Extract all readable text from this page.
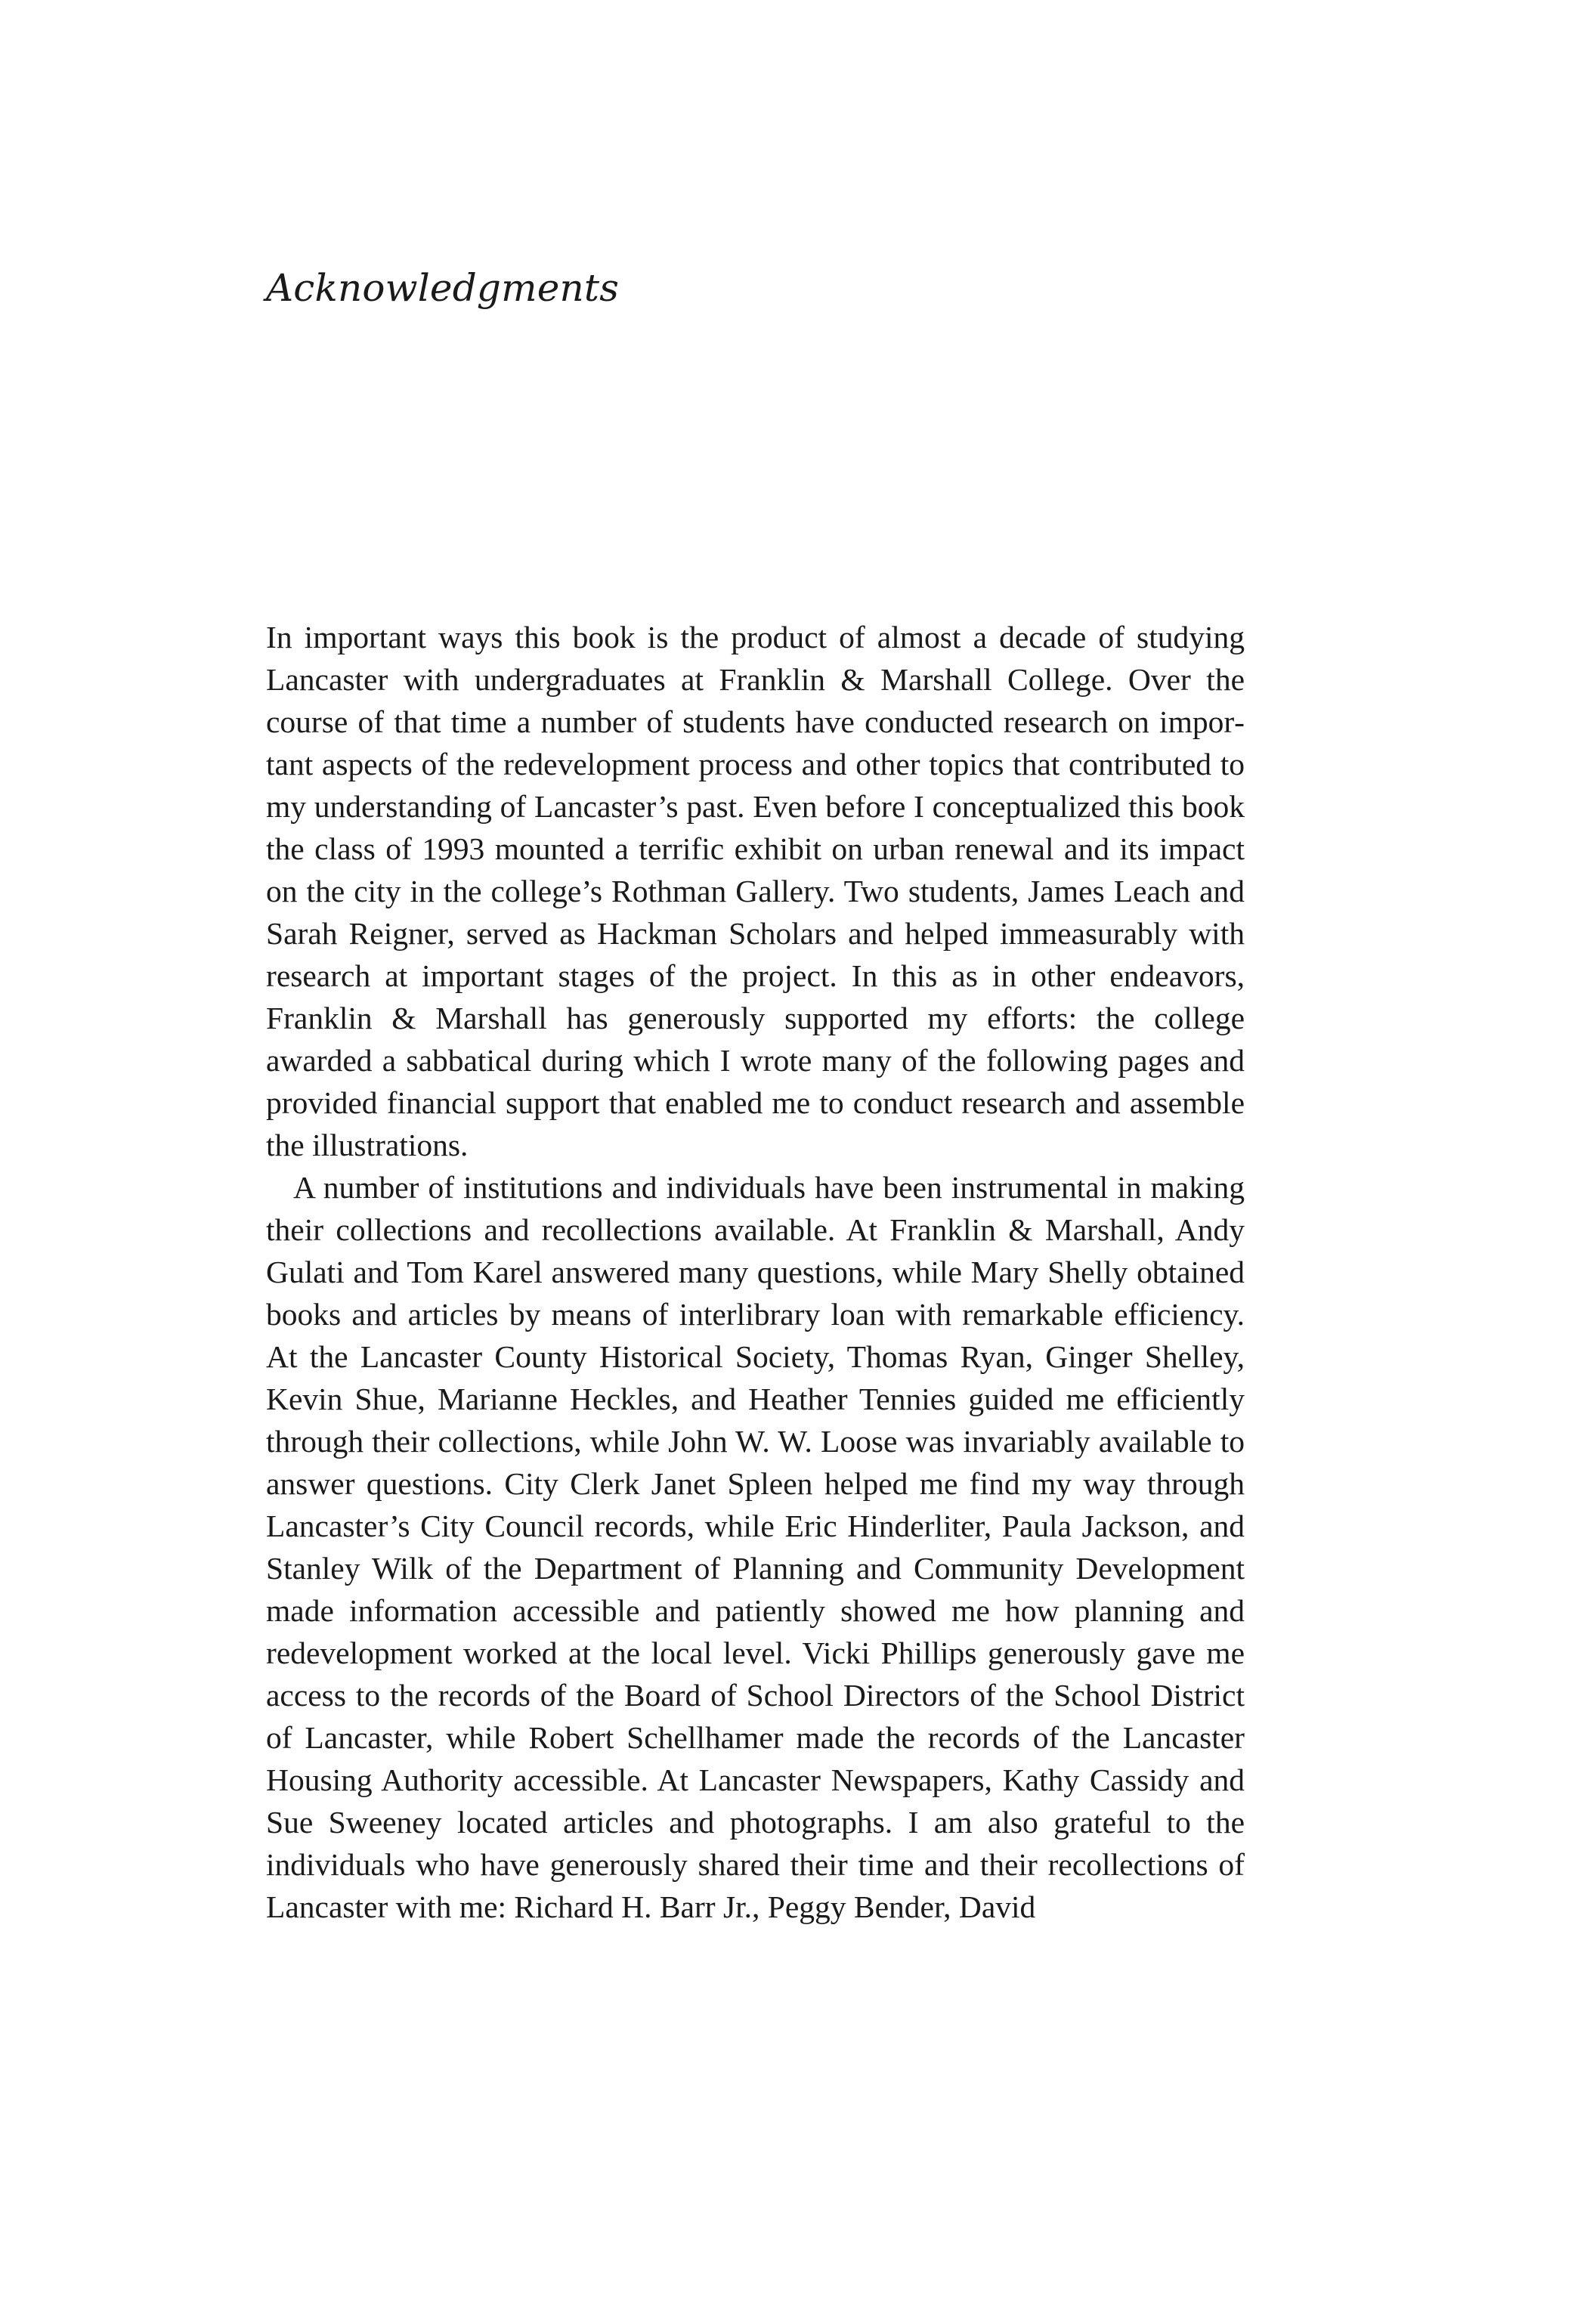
Acknowledgments

In important ways this book is the product of almost a decade of studying Lancaster with undergraduates at Franklin & Marshall College. Over the course of that time a number of students have conducted research on important aspects of the redevelopment process and other topics that contributed to my understanding of Lancaster’s past. Even before I conceptualized this book the class of 1993 mounted a terrific exhibit on urban renewal and its impact on the city in the college’s Rothman Gallery. Two students, James Leach and Sarah Reigner, served as Hackman Scholars and helped immeasurably with research at important stages of the project. In this as in other endeavors, Franklin & Marshall has generously supported my efforts: the college awarded a sabbatical during which I wrote many of the following pages and provided financial support that enabled me to conduct research and assemble the illustrations.

A number of institutions and individuals have been instrumental in making their collections and recollections available. At Franklin & Marshall, Andy Gulati and Tom Karel answered many questions, while Mary Shelly obtained books and articles by means of interlibrary loan with remarkable efficiency. At the Lancaster County Historical Society, Thomas Ryan, Ginger Shelley, Kevin Shue, Marianne Heckles, and Heather Tennies guided me efficiently through their collections, while John W. W. Loose was invariably available to answer questions. City Clerk Janet Spleen helped me find my way through Lancaster’s City Council records, while Eric Hinderliter, Paula Jackson, and Stanley Wilk of the Department of Planning and Community Development made information accessible and patiently showed me how planning and redevelopment worked at the local level. Vicki Phillips generously gave me access to the records of the Board of School Directors of the School District of Lancaster, while Robert Schellhamer made the records of the Lancaster Housing Authority accessible. At Lancaster Newspapers, Kathy Cassidy and Sue Sweeney located articles and photographs. I am also grateful to the individuals who have generously shared their time and their recollections of Lancaster with me: Richard H. Barr Jr., Peggy Bender, David
